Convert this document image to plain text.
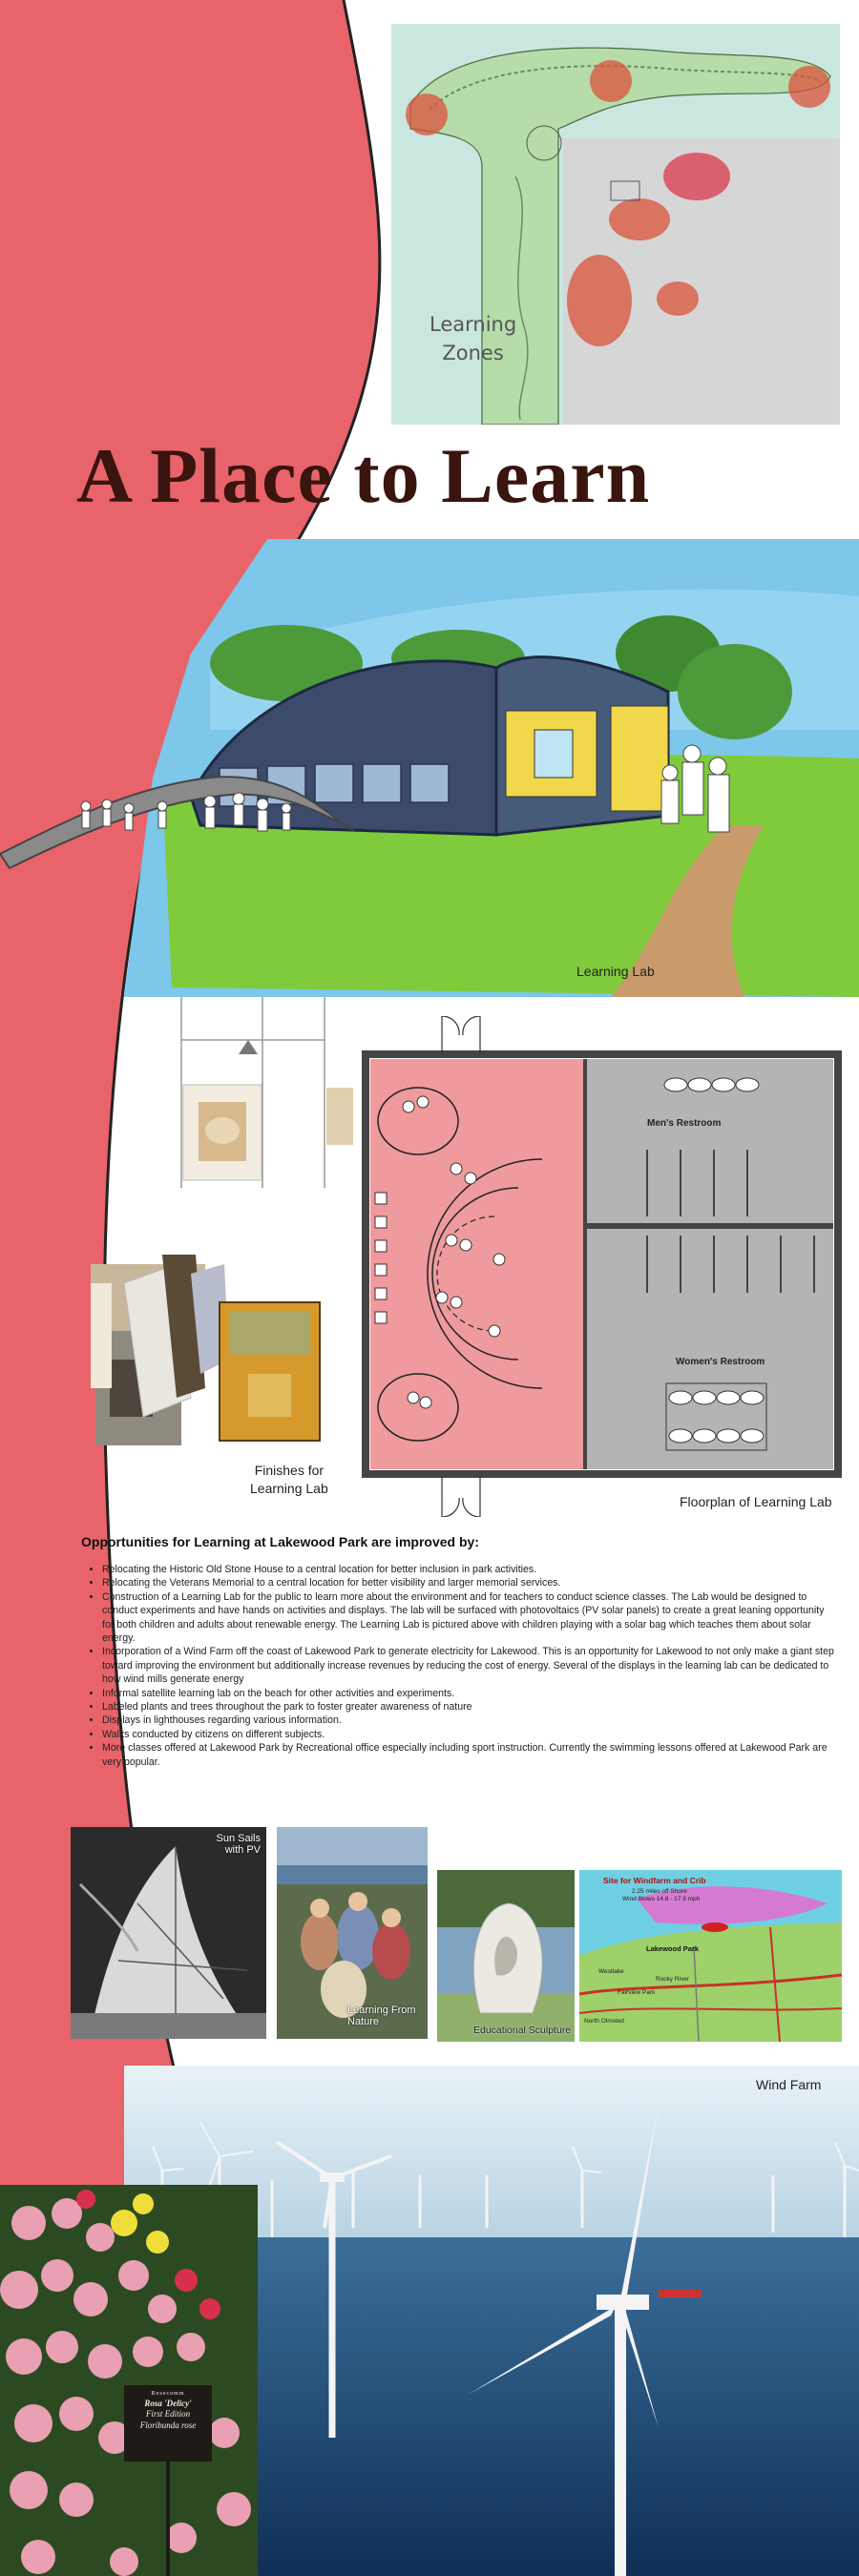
Learning
Zones
A Place to Learn
Learning Lab
Finishes for
Learning Lab
Men's Restroom
Women's Restroom
Floorplan of Learning Lab

Opportunities for Learning at Lakewood Park are improved by:

• Relocating the Historic Old Stone House to a central location for better inclusion in park activities.
• Relocating the Veterans Memorial to a central location for better visibility and larger memorial services.
• Construction of a Learning Lab for the public to learn more about the environment and for teachers to conduct science classes. The Lab would be designed to conduct experiments and have hands on activities and displays. The lab will be surfaced with photovoltaics (PV solar panels) to create a great leaning opportunity for both children and adults about renewable energy. The Learning Lab is pictured above with children playing with a solar bag which teaches them about solar energy.
• Incorporation of a Wind Farm off the coast of Lakewood Park to generate electricity for Lakewood. This is an opportunity for Lakewood to not only make a giant step toward improving the environment but additionally increase revenues by reducing the cost of energy. Several of the displays in the learning lab can be dedicated to how wind mills generate energy
• Informal satellite learning lab on the beach for other activities and experiments.
• Labeled plants and trees throughout the park to foster greater awareness of nature
• Displays in lighthouses regarding various information.
• Walks conducted by citizens on different subjects.
• More classes offered at Lakewood Park by Recreational office especially including sport instruction. Currently the swimming lessons offered at Lakewood Park are very popular.
Sun Sails
with PV
Learning From
Nature
Educational Sculpture
Site for Windfarm and Crib
2.25 miles off Shore
Wind Blows 14.8 - 17.9 mph
Lakewood Park
Westlake
Rocky River
Fairview Park
North Olmsted
Wind Farm
Rosecomm
Rosa 'Delicy'
First Edition
Floribunda rose
